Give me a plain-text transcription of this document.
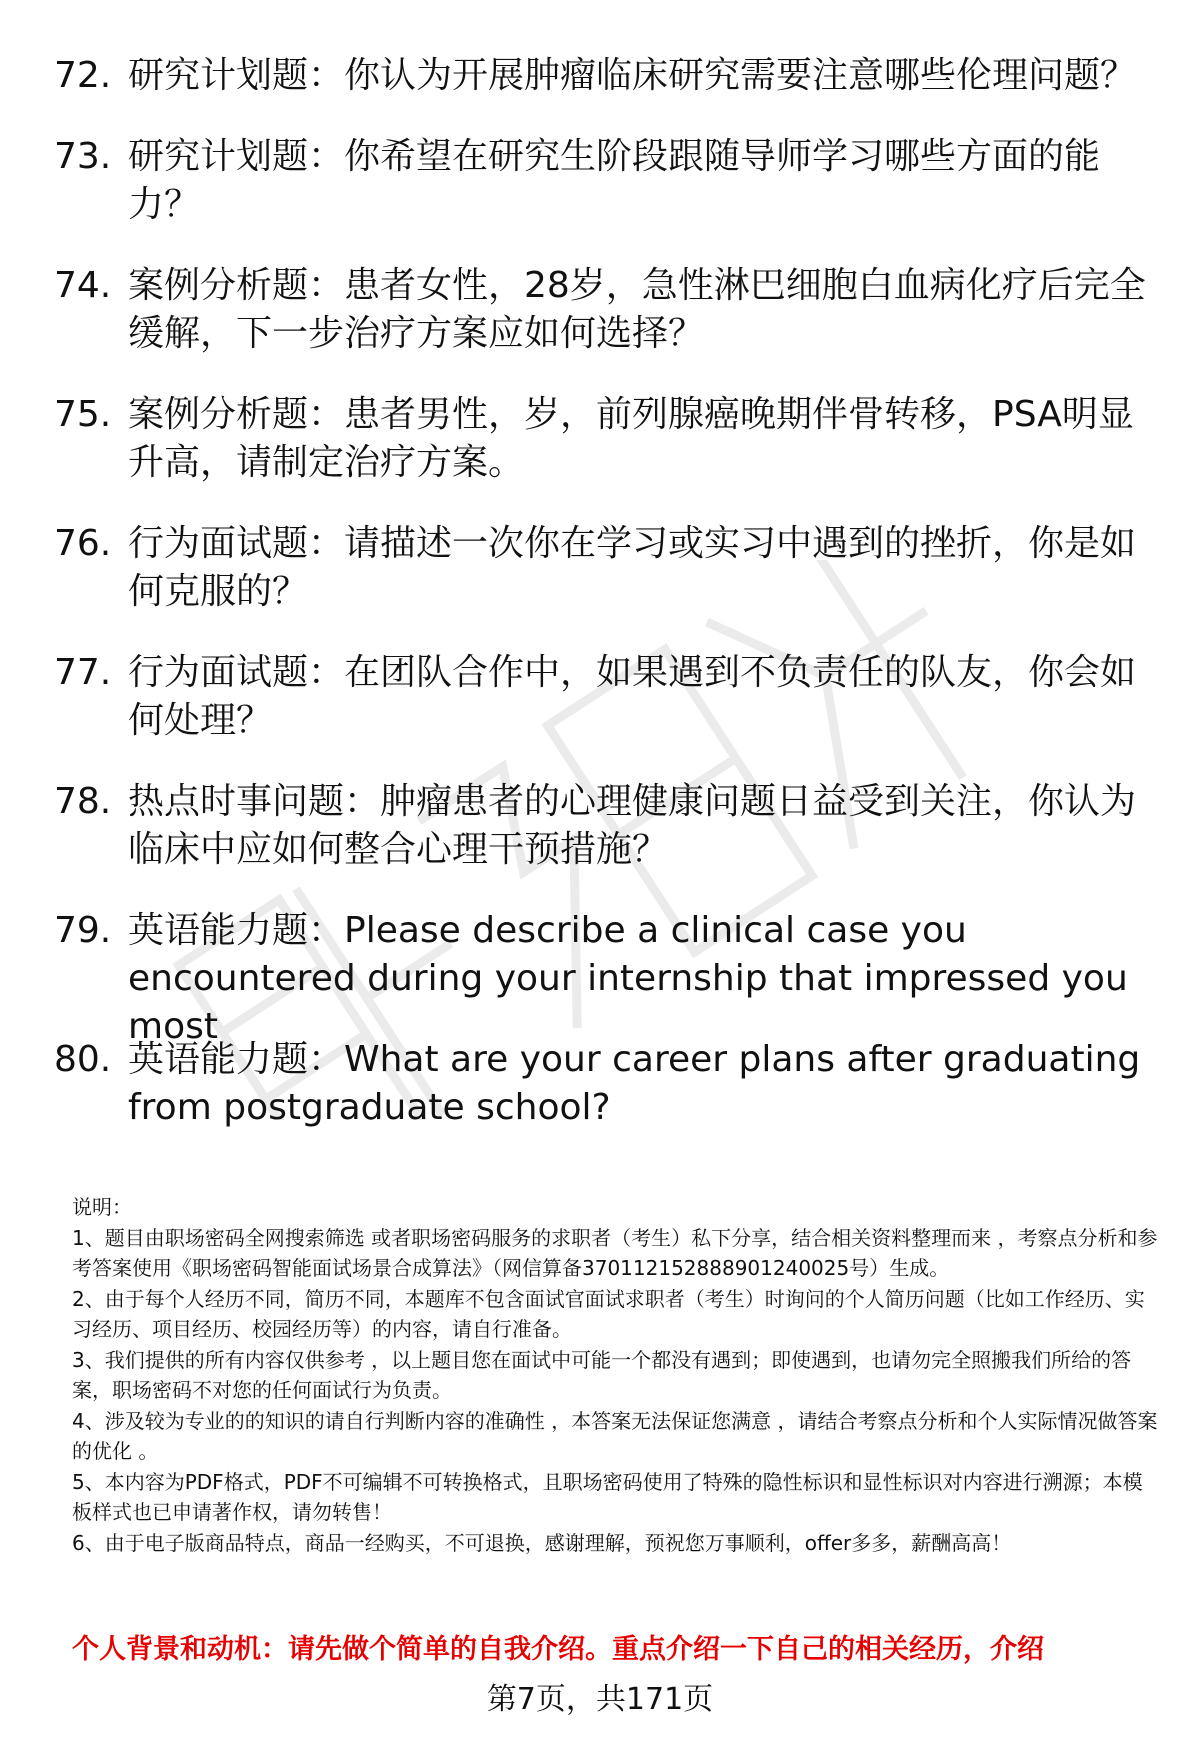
72. 研究计划题：你认为开展肿瘤临床研究需要注意哪些伦理问题？
73. 研究计划题：你希望在研究生阶段跟随导师学习哪些方面的能力？
74. 案例分析题：患者女性，28岁，急性淋巴细胞白血病化疗后完全缓解，下一步治疗方案应如何选择？
75. 案例分析题：患者男性，岁，前列腺癌晚期伴骨转移，PSA明显升高，请制定治疗方案。
76. 行为面试题：请描述一次你在学习或实习中遇到的挫折，你是如何克服的？
77. 行为面试题：在团队合作中，如果遇到不负责任的队友，你会如何处理？
78. 热点时事问题：肿瘤患者的心理健康问题日益受到关注，你认为临床中应如何整合心理干预措施？
79. 英语能力题：Please describe a clinical case you encountered during your internship that impressed you most
80. 英语能力题：What are your career plans after graduating from postgraduate school?

说明：

1、题目由职场密码全网搜索筛选 或者职场密码服务的求职者（考生）私下分享，结合相关资料整理而来 ，考察点分析和参考答案使用《职场密码智能面试场景合成算法》（网信算备370112152888901240025号）生成。

2、由于每个人经历不同，简历不同，本题库不包含面试官面试求职者（考生）时询问的个人简历问题（比如工作经历、实习经历、项目经历、校园经历等）的内容，请自行准备。

3、我们提供的所有内容仅供参考 ，以上题目您在面试中可能一个都没有遇到；即使遇到，也请勿完全照搬我们所给的答案，职场密码不对您的任何面试行为负责。

4、涉及较为专业的的知识的请自行判断内容的准确性 ，本答案无法保证您满意 ，请结合考察点分析和个人实际情况做答案的优化 。

5、本内容为PDF格式，PDF不可编辑不可转换格式，且职场密码使用了特殊的隐性标识和显性标识对内容进行溯源；本模板样式也已申请著作权，请勿转售！

6、由于电子版商品特点，商品一经购买，不可退换，感谢理解，预祝您万事顺利，offer多多，薪酬高高！

个人背景和动机：请先做个简单的自我介绍。重点介绍一下自己的相关经历，介绍
第7页，共171页
